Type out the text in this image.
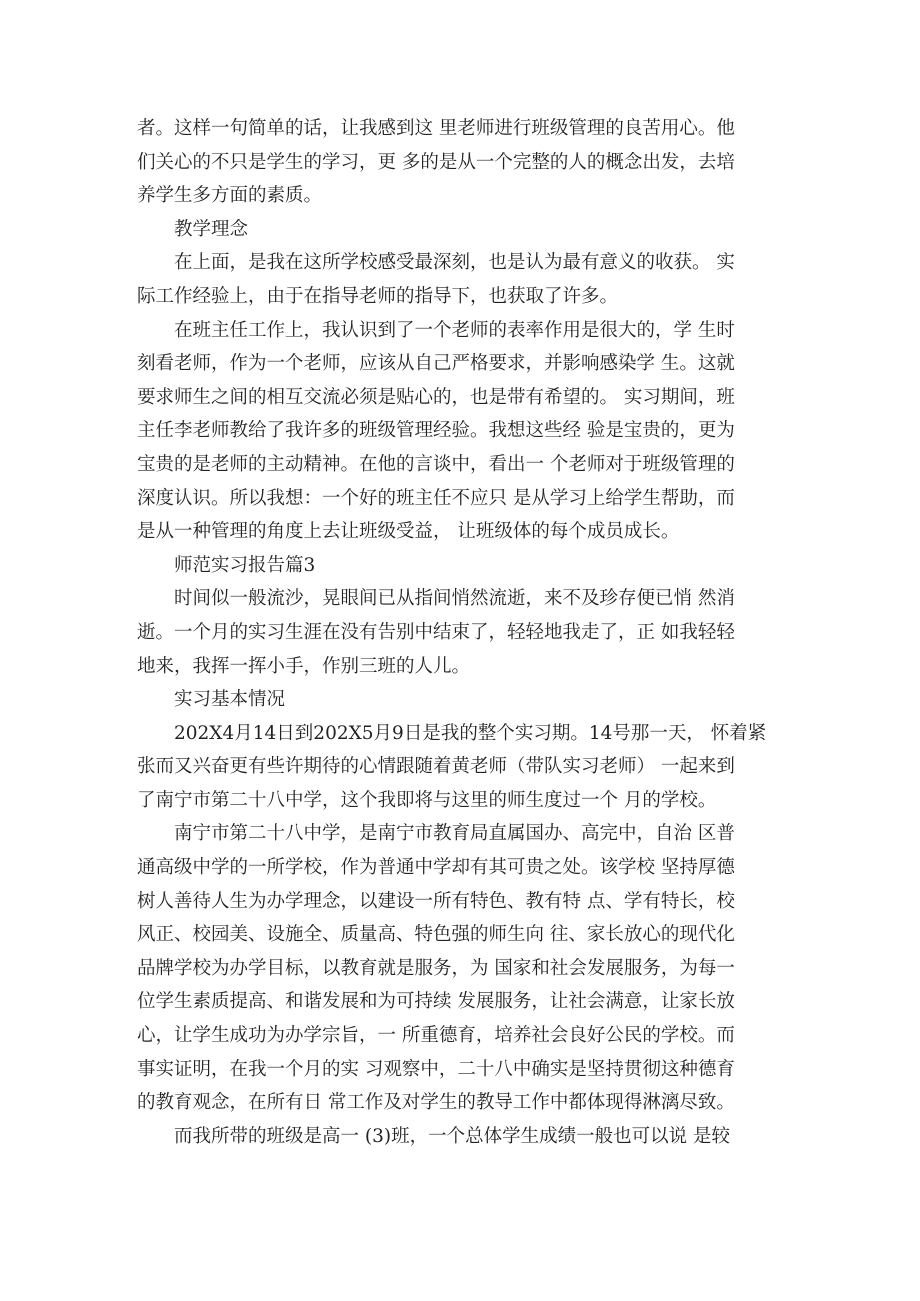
者。这样一句简单的话，让我感到这 里老师进行班级管理的良苦用心。他
们关心的不只是学生的学习，更 多的是从一个完整的人的概念出发，去培
养学生多方面的素质。
教学理念
在上面，是我在这所学校感受最深刻，也是认为最有意义的收获。 实
际工作经验上，由于在指导老师的指导下，也获取了许多。
在班主任工作上，我认识到了一个老师的表率作用是很大的，学 生时
刻看老师，作为一个老师，应该从自己严格要求，并影响感染学 生。这就
要求师生之间的相互交流必须是贴心的，也是带有希望的。 实习期间，班
主任李老师教给了我许多的班级管理经验。我想这些经 验是宝贵的，更为
宝贵的是老师的主动精神。在他的言谈中，看出一 个老师对于班级管理的
深度认识。所以我想：一个好的班主任不应只 是从学习上给学生帮助，而
是从一种管理的角度上去让班级受益， 让班级体的每个成员成长。
师范实习报告篇3
时间似一般流沙，晃眼间已从指间悄然流逝，来不及珍存便已悄 然消
逝。一个月的实习生涯在没有告别中结束了，轻轻地我走了，正 如我轻轻
地来，我挥一挥小手，作别三班的人儿。
实习基本情况
202X4月14日到202X5月9日是我的整个实习期。14号那一天， 怀着紧
张而又兴奋更有些许期待的心情跟随着黄老师（带队实习老师） 一起来到
了南宁市第二十八中学，这个我即将与这里的师生度过一个 月的学校。
南宁市第二十八中学，是南宁市教育局直属国办、高完中，自治 区普
通高级中学的一所学校，作为普通中学却有其可贵之处。该学校 坚持厚德
树人善待人生为办学理念，以建设一所有特色、教有特 点、学有特长，校
风正、校园美、设施全、质量高、特色强的师生向 往、家长放心的现代化
品牌学校为办学目标，以教育就是服务，为 国家和社会发展服务，为每一
位学生素质提高、和谐发展和为可持续 发展服务，让社会满意，让家长放
心，让学生成功为办学宗旨，一 所重德育，培养社会良好公民的学校。而
事实证明，在我一个月的实 习观察中，二十八中确实是坚持贯彻这种德育
的教育观念，在所有日 常工作及对学生的教导工作中都体现得淋漓尽致。
而我所带的班级是高一 (3)班，一个总体学生成绩一般也可以说 是较
